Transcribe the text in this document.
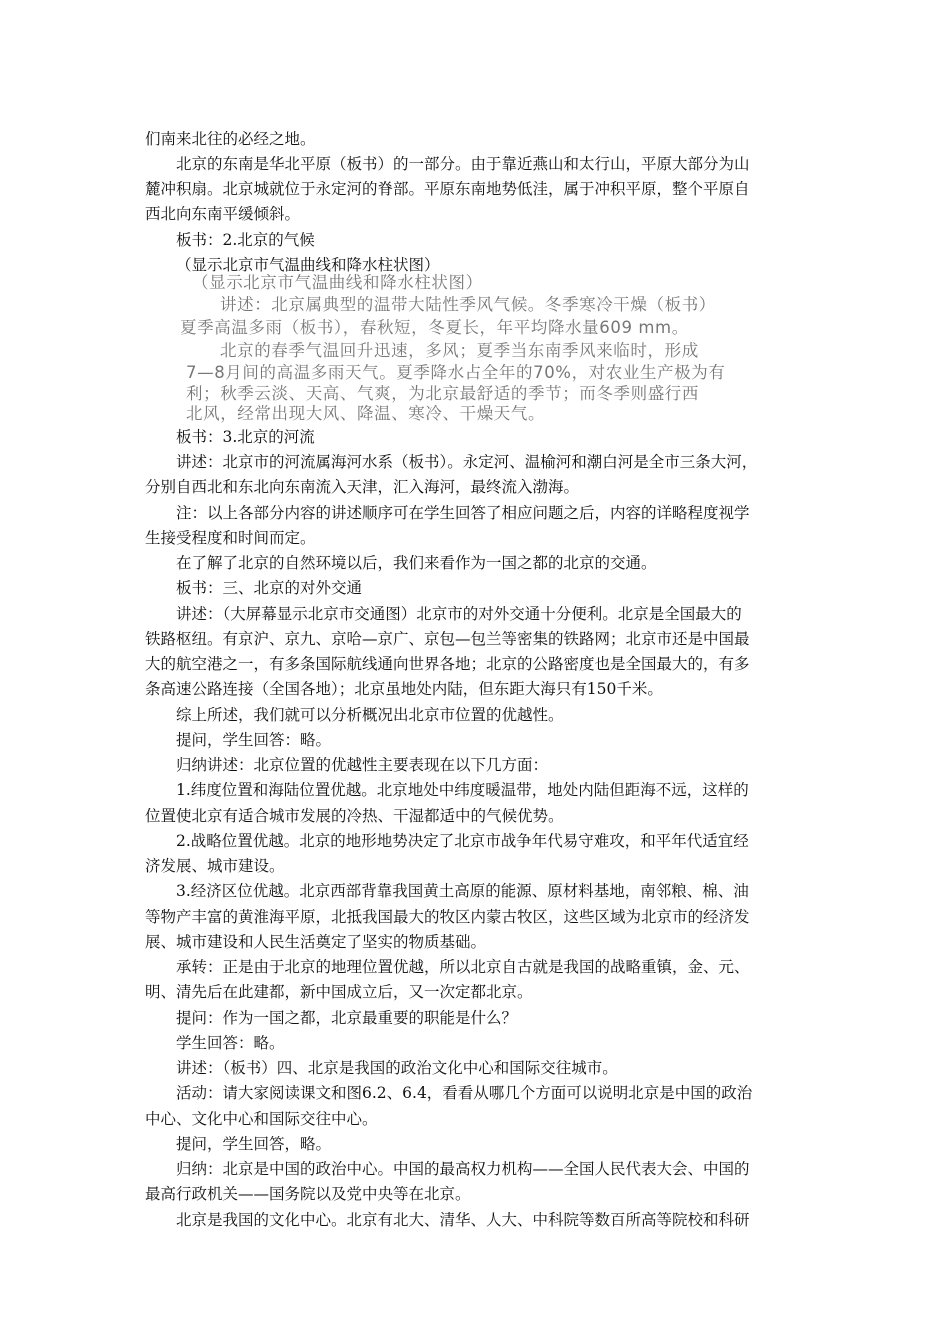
们南来北往的必经之地。
北京的东南是华北平原（板书）的一部分。由于靠近燕山和太行山，平原大部分为山
麓冲积扇。北京城就位于永定河的脊部。平原东南地势低洼，属于冲积平原，整个平原自
西北向东南平缓倾斜。
板书：2.北京的气候
（显示北京市气温曲线和降水柱状图）
（显示北京市气温曲线和降水柱状图）
讲述：北京属典型的温带大陆性季风气候。冬季寒冷干燥（板书）
夏季高温多雨（板书），春秋短，冬夏长，年平均降水量609 mm。
北京的春季气温回升迅速，多风；夏季当东南季风来临时，形成
7—8月间的高温多雨天气。夏季降水占全年的70%，对农业生产极为有
利；秋季云淡、天高、气爽，为北京最舒适的季节；而冬季则盛行西
北风，经常出现大风、降温、寒冷、干燥天气。
板书：3.北京的河流
讲述：北京市的河流属海河水系（板书）。永定河、温榆河和潮白河是全市三条大河，
分别自西北和东北向东南流入天津，汇入海河，最终流入渤海。
注：以上各部分内容的讲述顺序可在学生回答了相应问题之后，内容的详略程度视学
生接受程度和时间而定。
在了解了北京的自然环境以后，我们来看作为一国之都的北京的交通。
板书：三、北京的对外交通
讲述：（大屏幕显示北京市交通图）北京市的对外交通十分便利。北京是全国最大的
铁路枢纽。有京沪、京九、京哈—京广、京包—包兰等密集的铁路网；北京市还是中国最
大的航空港之一，有多条国际航线通向世界各地；北京的公路密度也是全国最大的，有多
条高速公路连接（全国各地）；北京虽地处内陆，但东距大海只有150千米。
综上所述，我们就可以分析概况出北京市位置的优越性。
提问，学生回答：略。
归纳讲述：北京位置的优越性主要表现在以下几方面：
1.纬度位置和海陆位置优越。北京地处中纬度暖温带，地处内陆但距海不远，这样的
位置使北京有适合城市发展的冷热、干湿都适中的气候优势。
2.战略位置优越。北京的地形地势决定了北京市战争年代易守难攻，和平年代适宜经
济发展、城市建设。
3.经济区位优越。北京西部背靠我国黄土高原的能源、原材料基地，南邻粮、棉、油
等物产丰富的黄淮海平原，北抵我国最大的牧区内蒙古牧区，这些区域为北京市的经济发
展、城市建设和人民生活奠定了坚实的物质基础。
承转：正是由于北京的地理位置优越，所以北京自古就是我国的战略重镇，金、元、
明、清先后在此建都，新中国成立后，又一次定都北京。
提问：作为一国之都，北京最重要的职能是什么？
学生回答：略。
讲述：（板书）四、北京是我国的政治文化中心和国际交往城市。
活动：请大家阅读课文和图6.2、6.4，看看从哪几个方面可以说明北京是中国的政治
中心、文化中心和国际交往中心。
提问，学生回答，略。
归纳：北京是中国的政治中心。中国的最高权力机构——全国人民代表大会、中国的
最高行政机关——国务院以及党中央等在北京。
北京是我国的文化中心。北京有北大、清华、人大、中科院等数百所高等院校和科研
